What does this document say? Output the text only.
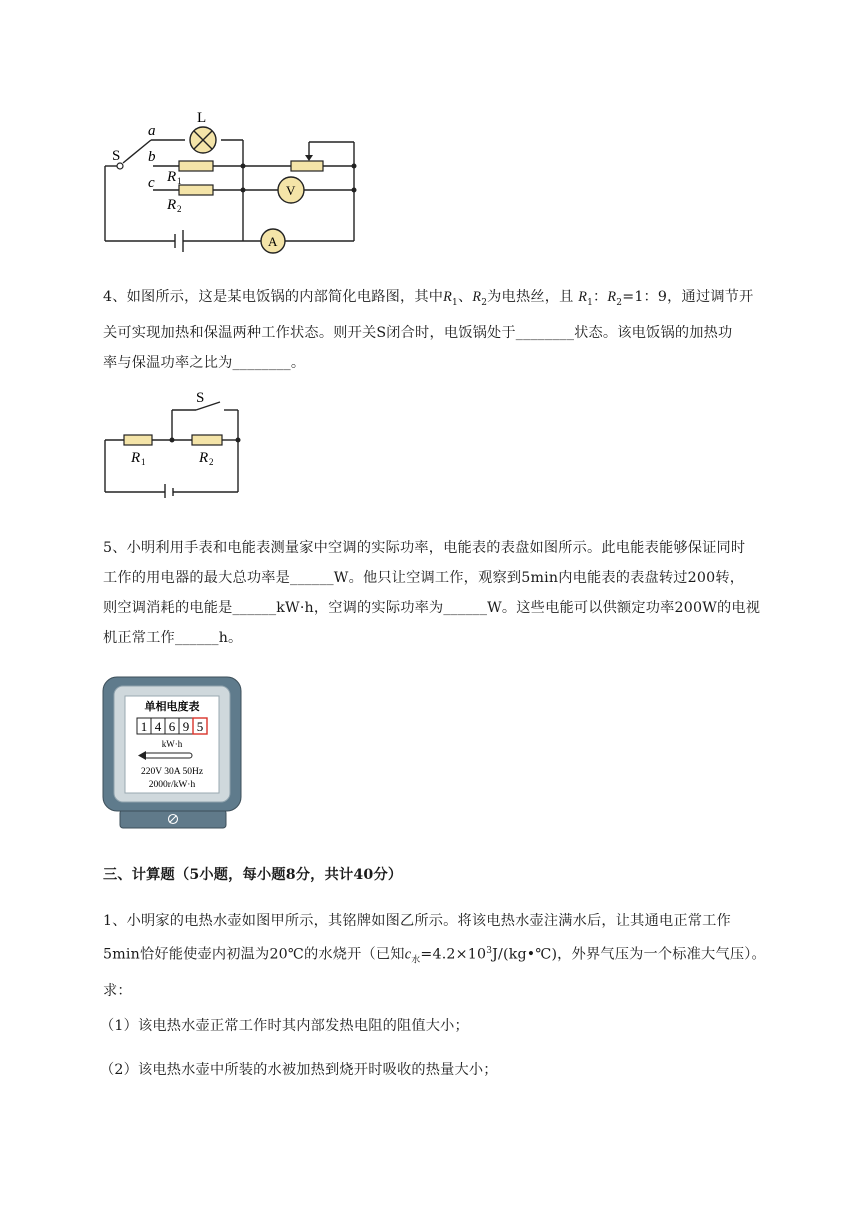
L
S
a
b
c R 1
R 2
V
A
4、如图所示，这是某电饭锅的内部简化电路图，其中$R_1$、$R_2$为电热丝，且 $R_1$：$R_2=1$：9，通过调节开
关可实现加热和保温两种工作状态。则开关S闭合时，电饭锅处于________状态。该电饭锅的加热功
率与保温功率之比为________。
S
R 1	R 2
5、小明利用手表和电能表测量家中空调的实际功率，电能表的表盘如图所示。此电能表能够保证同时
工作的用电器的最大总功率是______W。他只让空调工作，观察到5min内电能表的表盘转过200转，
则空调消耗的电能是______kW·h，空调的实际功率为______W。这些电能可以供额定功率200W的电视
机正常工作______h。
单相电度表
1 4 6 9 5
kW·h
220V 30A 50Hz
2000r/kW·h
三、计算题（5小题，每小题8分，共计40分）
1、小明家的电热水壶如图甲所示，其铭牌如图乙所示。将该电热水壶注满水后，让其通电正常工作
5min恰好能使壶内初温为20℃的水烧开（已知$c_水=4.2\times 10^3J/(kg•℃)$，外界气压为一个标准大气压）。
求：
（1）该电热水壶正常工作时其内部发热电阻的阻值大小；
（2）该电热水壶中所装的水被加热到烧开时吸收的热量大小；
